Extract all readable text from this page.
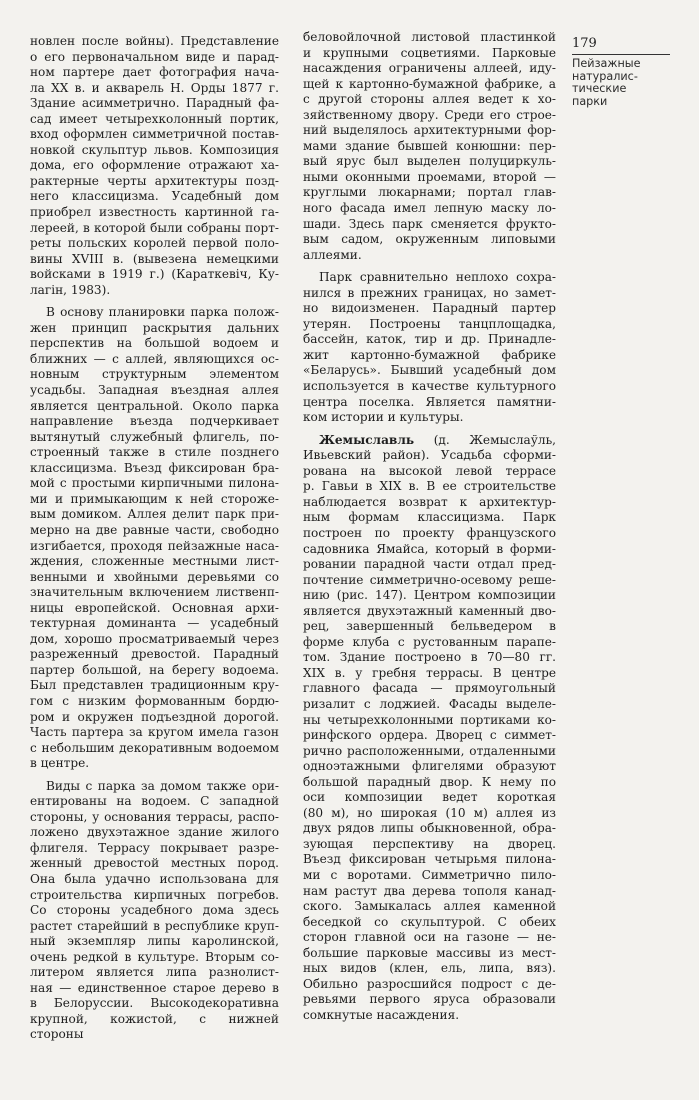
179
Пейзажные
натуралис-
тические
парки
новлен после войны). Представление
о его первоначальном виде и парад-
ном партере дает фотография нача-
ла XX в. и акварель Н. Орды 1877 г.
Здание асимметрично. Парадный фа-
сад имеет четырехколонный портик,
вход оформлен симметричной постав-
новкой скульптур львов. Композиция
дома, его оформление отражают ха-
рактерные черты архитектуры позд-
него классицизма. Усадебный дом
приобрел известность картинной га-
лереей, в которой были собраны порт-
реты польских королей первой поло-
вины XVIII в. (вывезена немецкими
войсками в 1919 г.) (Караткевіч, Ку-
лагін, 1983).
В основу планировки парка полож-
жен принцип раскрытия дальних
перспектив на большой водоем и
ближних — с аллей, являющихся ос-
новным структурным элементом
усадьбы. Западная въездная аллея
является центральной. Около парка
направление въезда подчеркивает
вытянутый служебный флигель, по-
строенный также в стиле позднего
классицизма. Въезд фиксирован бра-
мой с простыми кирпичными пилона-
ми и примыкающим к ней стороже-
вым домиком. Аллея делит парк при-
мерно на две равные части, свободно
изгибается, проходя пейзажные наса-
ждения, сложенные местными лист-
венными и хвойными деревьями со
значительным включением лиственп-
ницы европейской. Основная архи-
тектурная доминанта — усадебный
дом, хорошо просматриваемый через
разреженный древостой. Парадный
партер большой, на берегу водоема.
Был представлен традиционным кру-
гом с низким формованным бордю-
ром и окружен подъездной дорогой.
Часть партера за кругом имела газон
с небольшим декоративным водоемом
в центре.
Виды с парка за домом также ори-
ентированы на водоем. С западной
стороны, у основания террасы, распо-
ложено двухэтажное здание жилого
флигеля. Террасу покрывает разре-
женный древостой местных пород.
Она была удачно использована для
строительства кирпичных погребов.
Со стороны усадебного дома здесь
растет старейший в республике круп-
ный экземпляр липы каролинской,
очень редкой в культуре. Вторым со-
литером является липа разнолист-
ная — единственное старое дерево в
в Белоруссии. Высокодекоративна
крупной, кожистой, с нижней стороны
беловойлочной листовой пластинкой
и крупными соцветиями. Парковые
насаждения ограничены аллеей, иду-
щей к картонно-бумажной фабрике, а
с другой стороны аллея ведет к хо-
зяйственному двору. Среди его строе-
ний выделялось архитектурными фор-
мами здание бывшей конюшни: пер-
вый ярус был выделен полуциркуль-
ными оконными проемами, второй —
круглыми люкарнами; портал глав-
ного фасада имел лепную маску ло-
шади. Здесь парк сменяется фрукто-
вым садом, окруженным липовыми
аллеями.
Парк сравнительно неплохо сохра-
нился в прежних границах, но замет-
но видоизменен. Парадный партер
утерян. Построены танцплощадка,
бассейн, каток, тир и др. Принадле-
жит картонно-бумажной фабрике
«Беларусь». Бывший усадебный дом
используется в качестве культурного
центра поселка. Является памятни-
ком истории и культуры.
Жемыславль (д. Жемыслаўль,
Ивьевский район). Усадьба сформи-
рована на высокой левой террасе
р. Гавьи в XIX в. В ее строительстве
наблюдается возврат к архитектур-
ным формам классицизма. Парк
построен по проекту французского
садовника Ямайса, который в форми-
ровании парадной части отдал пред-
почтение симметрично-осевому реше-
нию (рис. 147). Центром композиции
является двухэтажный каменный дво-
рец, завершенный бельведером в
форме клуба с рустованным парапе-
том. Здание построено в 70—80 гг.
XIX в. у гребня террасы. В центре
главного фасада — прямоугольный
ризалит с лоджией. Фасады выделе-
ны четырехколонными портиками ко-
ринфского ордера. Дворец с симмет-
рично расположенными, отдаленными
одноэтажными флигелями образуют
большой парадный двор. К нему по
оси композиции ведет короткая
(80 м), но широкая (10 м) аллея из
двух рядов липы обыкновенной, обра-
зующая перспективу на дворец.
Въезд фиксирован четырьмя пилона-
ми с воротами. Симметрично пило-
нам растут два дерева тополя канад-
ского. Замыкалась аллея каменной
беседкой со скульптурой. С обеих
сторон главной оси на газоне — не-
большие парковые массивы из мест-
ных видов (клен, ель, липа, вяз).
Обильно разросшийся подрост с де-
ревьями первого яруса образовали
сомкнутые насаждения.
